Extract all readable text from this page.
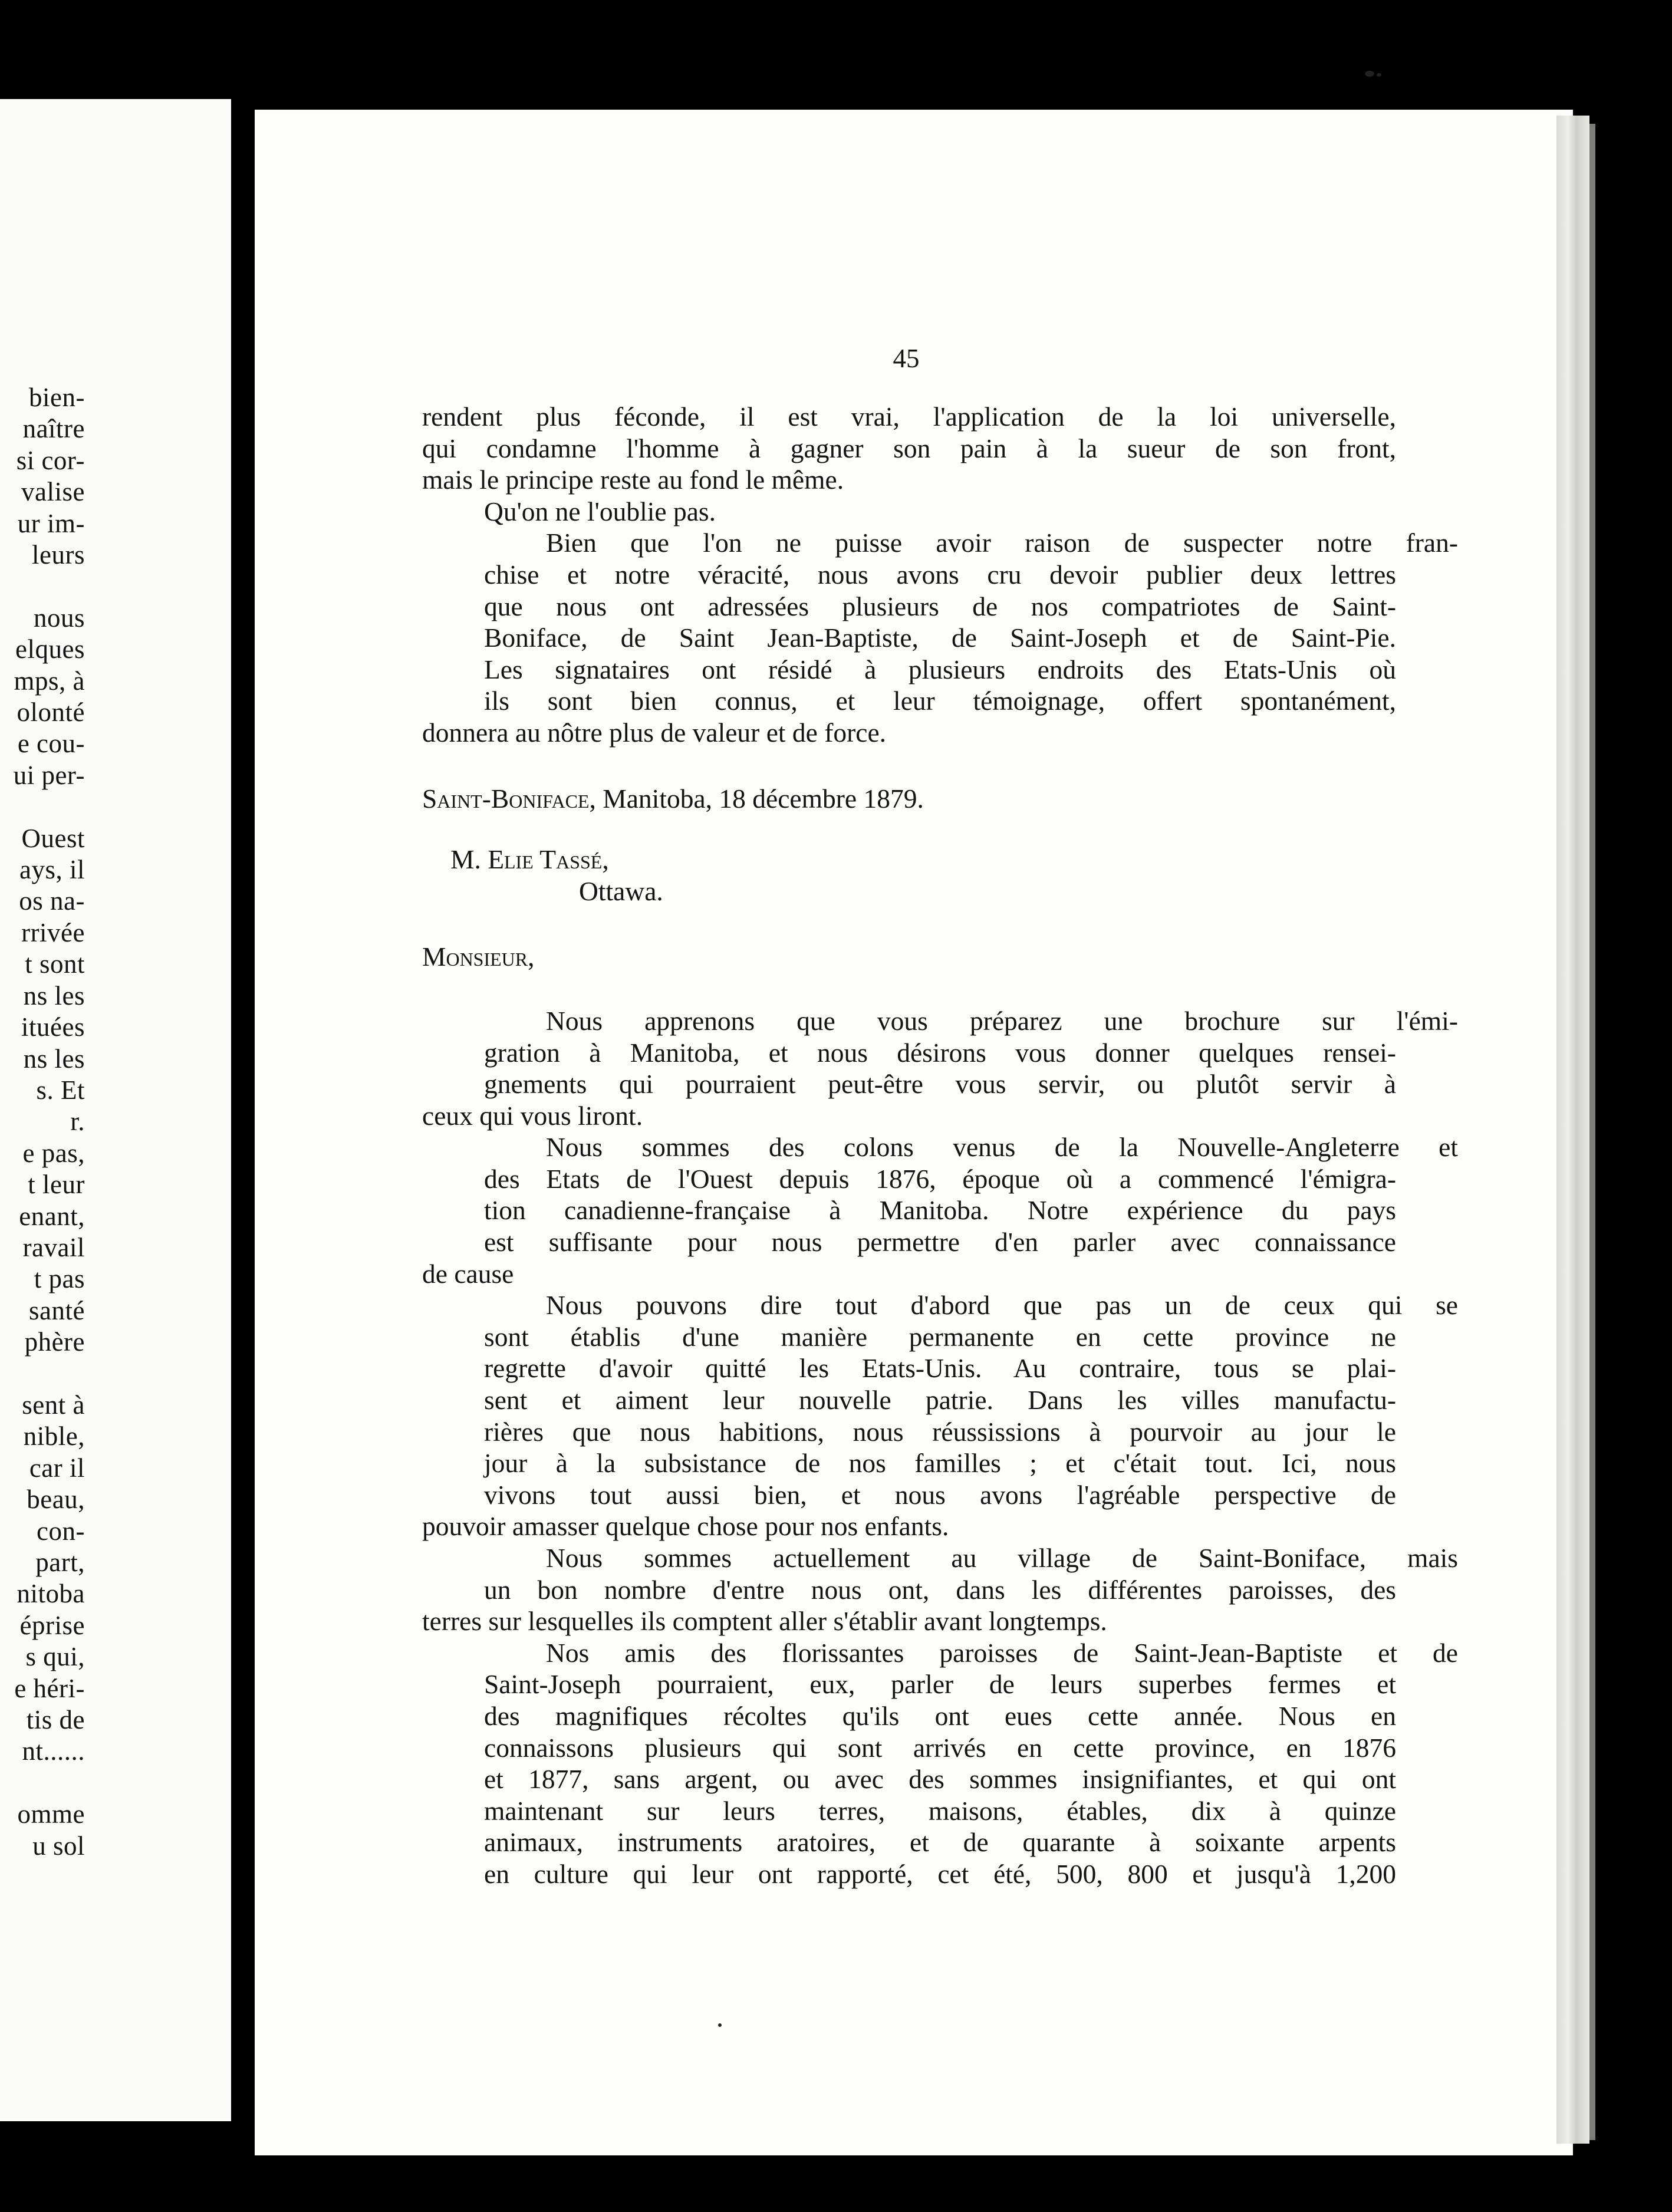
bien-
naître
si cor-
valise
ur im-
leurs

nous
elques
mps, à
olonté
e cou-
ui per-

Ouest
ays, il
os na-
rrivée
t sont
ns les
ituées
ns les
s. Et
r.
e pas,
t leur
enant,
ravail
t pas
santé
phère

sent à
nible,
car il
beau,
con-
part,
nitoba
éprise
s qui,
e héri-
tis de
nt......

omme
u sol
45

rendent plus féconde, il est vrai, l'application de la loi universelle,
qui condamne l'homme à gagner son pain à la sueur de son front,
mais le principe reste au fond le même.

Qu'on ne l'oublie pas.

Bien que l'on ne puisse avoir raison de suspecter notre fran-
chise et notre véracité, nous avons cru devoir publier deux lettres
que nous ont adressées plusieurs de nos compatriotes de Saint-
Boniface, de Saint Jean-Baptiste, de Saint-Joseph et de Saint-Pie.
Les signataires ont résidé à plusieurs endroits des Etats-Unis où
ils sont bien connus, et leur témoignage, offert spontanément,
donnera au nôtre plus de valeur et de force.

Saint-Boniface, Manitoba, 18 décembre 1879.

M. Elie Tassé,

Ottawa.

Monsieur,

Nous apprenons que vous préparez une brochure sur l'émi-
gration à Manitoba, et nous désirons vous donner quelques rensei-
gnements qui pourraient peut-être vous servir, ou plutôt servir à
ceux qui vous liront.

Nous sommes des colons venus de la Nouvelle-Angleterre et
des Etats de l'Ouest depuis 1876, époque où a commencé l'émigra-
tion canadienne-française à Manitoba. Notre expérience du pays
est suffisante pour nous permettre d'en parler avec connaissance
de cause

Nous pouvons dire tout d'abord que pas un de ceux qui se
sont établis d'une manière permanente en cette province ne
regrette d'avoir quitté les Etats-Unis. Au contraire, tous se plai-
sent et aiment leur nouvelle patrie. Dans les villes manufactu-
rières que nous habitions, nous réussissions à pourvoir au jour le
jour à la subsistance de nos familles ; et c'était tout. Ici, nous
vivons tout aussi bien, et nous avons l'agréable perspective de
pouvoir amasser quelque chose pour nos enfants.

Nous sommes actuellement au village de Saint-Boniface, mais
un bon nombre d'entre nous ont, dans les différentes paroisses, des
terres sur lesquelles ils comptent aller s'établir avant longtemps.

Nos amis des florissantes paroisses de Saint-Jean-Baptiste et de
Saint-Joseph pourraient, eux, parler de leurs superbes fermes et
des magnifiques récoltes qu'ils ont eues cette année. Nous en
connaissons plusieurs qui sont arrivés en cette province, en 1876
et 1877, sans argent, ou avec des sommes insignifiantes, et qui ont
maintenant sur leurs terres, maisons, étables, dix à quinze
animaux, instruments aratoires, et de quarante à soixante arpents
en culture qui leur ont rapporté, cet été, 500, 800 et jusqu'à 1,200
